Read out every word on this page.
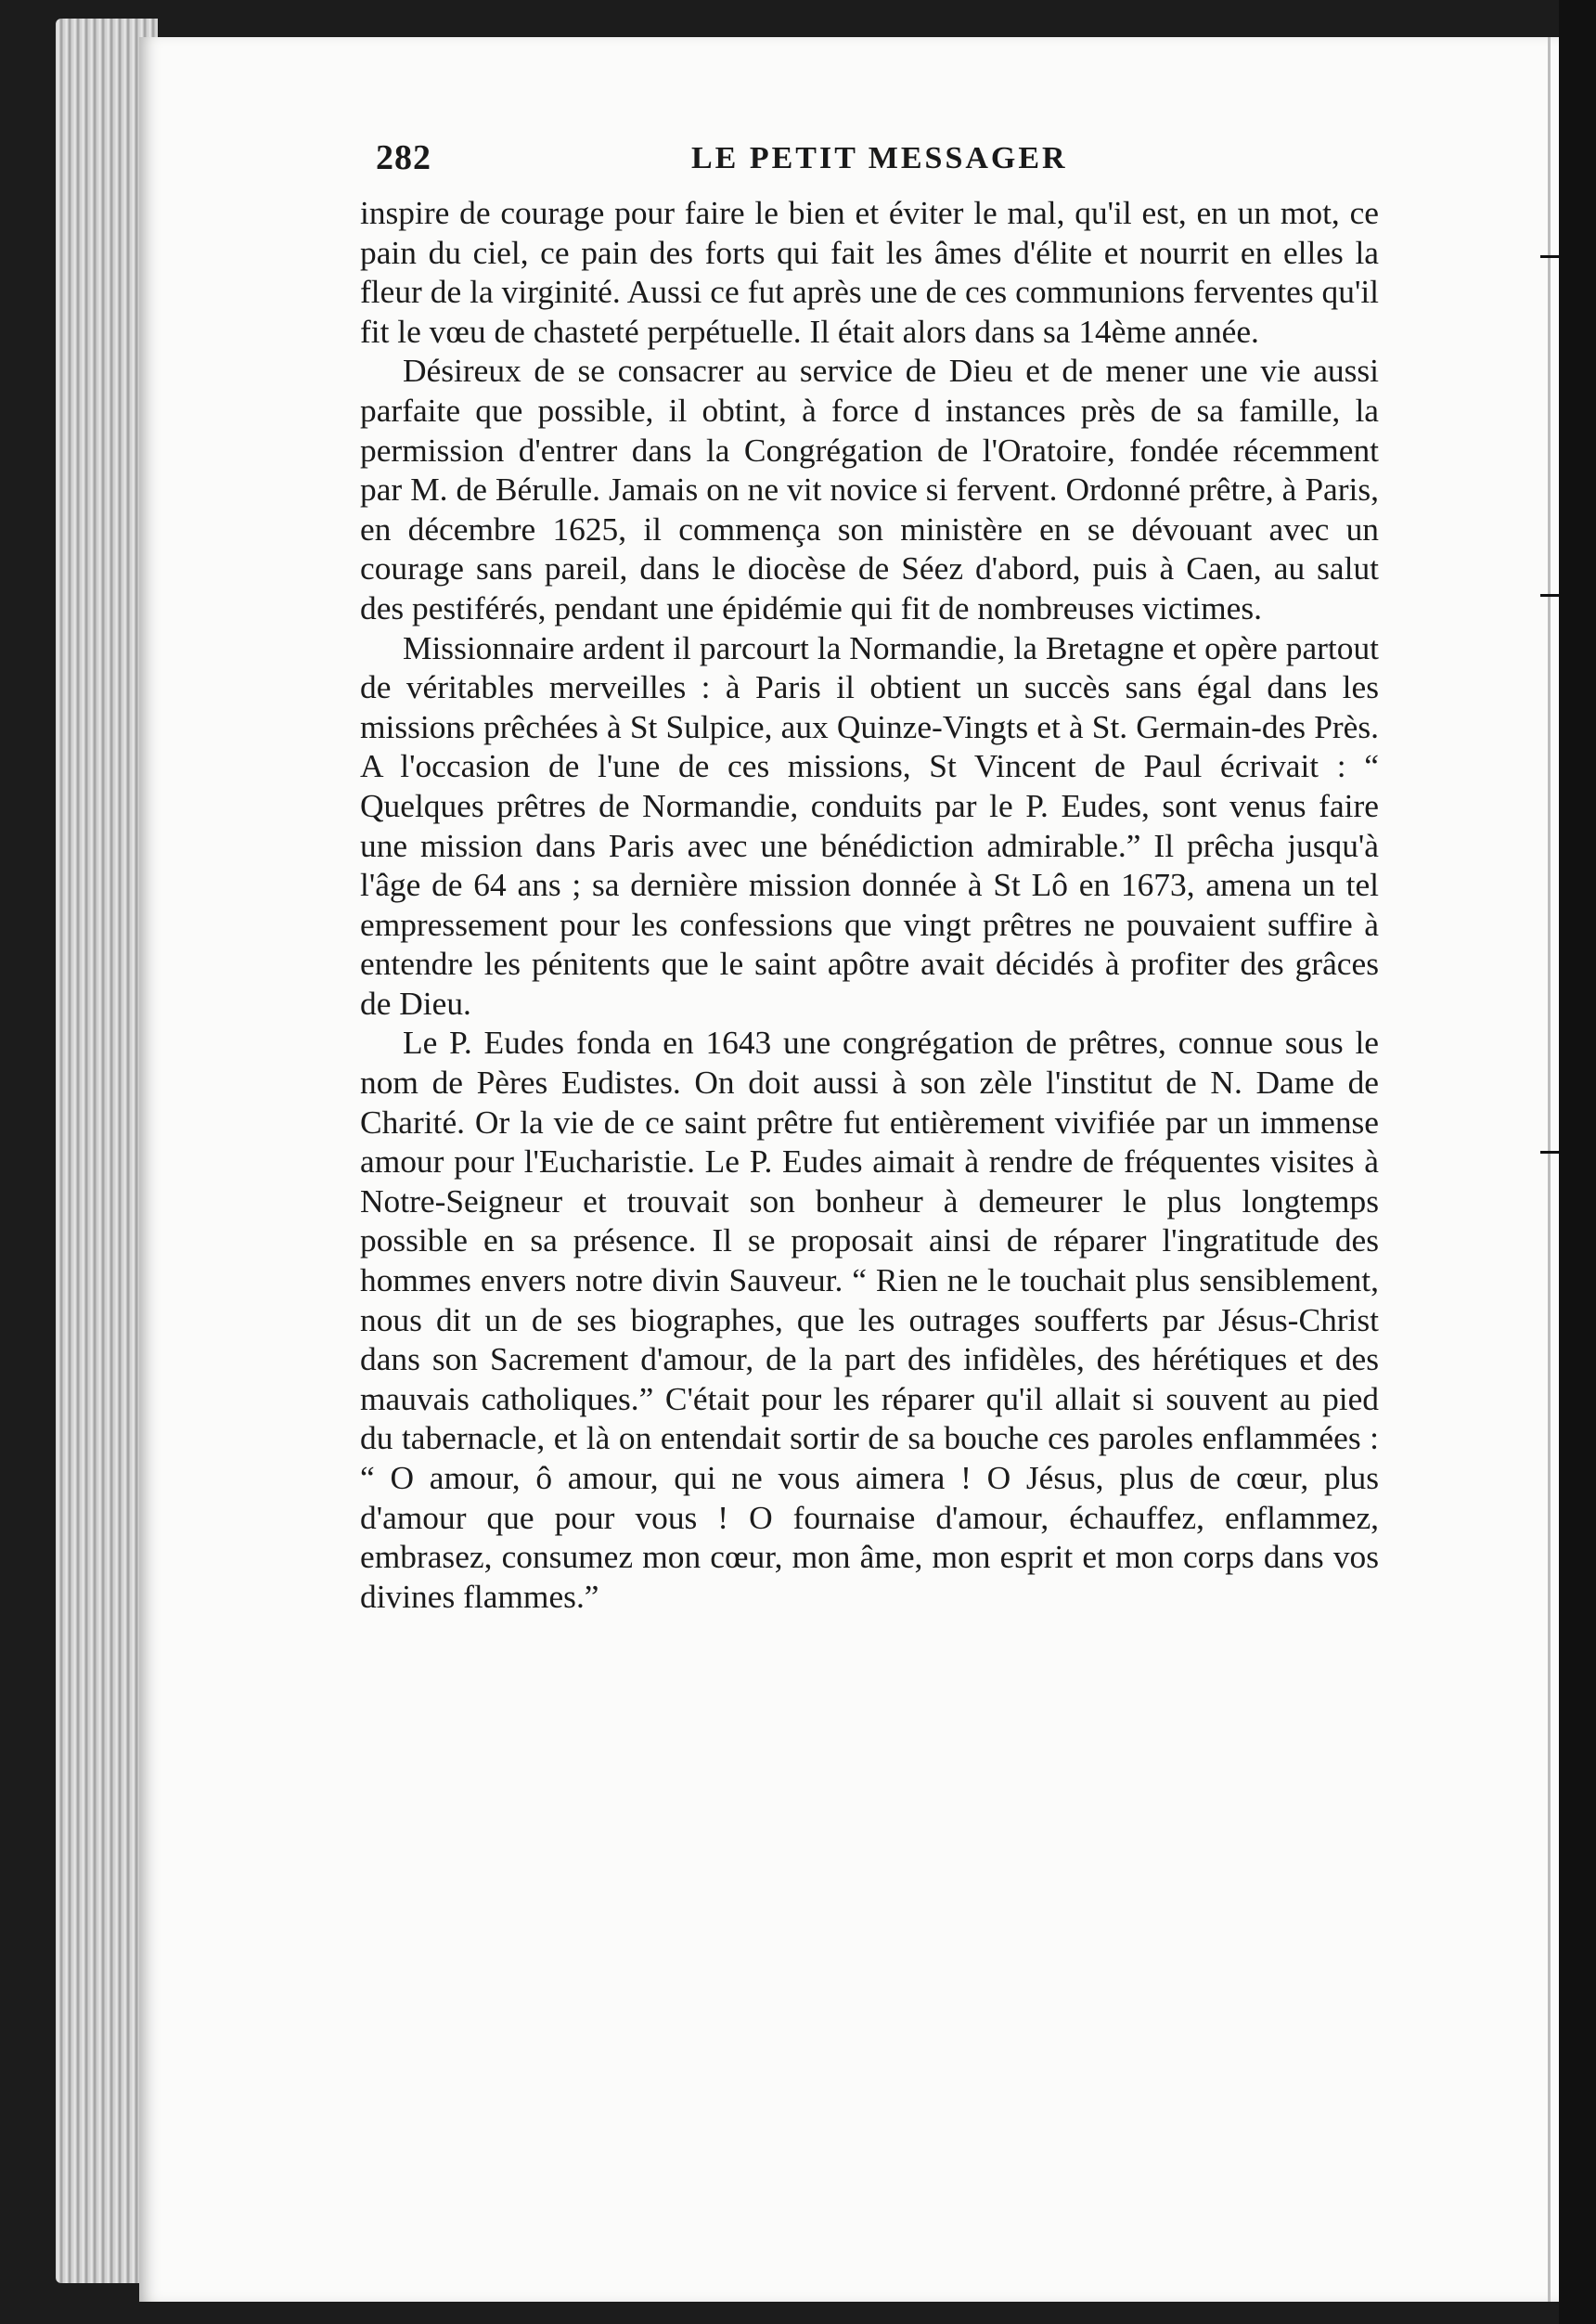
282	LE PETIT MESSAGER

inspire de courage pour faire le bien et éviter le mal, qu'il est, en un mot, ce pain du ciel, ce pain des forts qui fait les âmes d'élite et nourrit en elles la fleur de la virginité. Aussi ce fut après une de ces communions ferventes qu'il fit le vœu de chasteté perpétuelle. Il était alors dans sa 14ème année.

Désireux de se consacrer au service de Dieu et de mener une vie aussi parfaite que possible, il obtint, à force d instances près de sa famille, la permission d'entrer dans la Congrégation de l'Oratoire, fondée récemment par M. de Bérulle. Jamais on ne vit novice si fervent. Ordonné prêtre, à Paris, en décembre 1625, il commença son ministère en se dévouant avec un courage sans pareil, dans le diocèse de Séez d'abord, puis à Caen, au salut des pestiférés, pendant une épidémie qui fit de nombreuses victimes.

Missionnaire ardent il parcourt la Normandie, la Bretagne et opère partout de véritables merveilles : à Paris il obtient un succès sans égal dans les missions prêchées à St Sulpice, aux Quinze-Vingts et à St. Germain-des Près. A l'occasion de l'une de ces missions, St Vincent de Paul écrivait : “ Quelques prêtres de Normandie, conduits par le P. Eudes, sont venus faire une mission dans Paris avec une bénédiction admirable.” Il prêcha jusqu'à l'âge de 64 ans ; sa dernière mission donnée à St Lô en 1673, amena un tel empressement pour les confessions que vingt prêtres ne pouvaient suffire à entendre les pénitents que le saint apôtre avait décidés à profiter des grâces de Dieu.

Le P. Eudes fonda en 1643 une congrégation de prêtres, connue sous le nom de Pères Eudistes. On doit aussi à son zèle l'institut de N. Dame de Charité. Or la vie de ce saint prêtre fut entièrement vivifiée par un immense amour pour l'Eucharistie. Le P. Eudes aimait à rendre de fréquentes visites à Notre-Seigneur et trouvait son bonheur à demeurer le plus longtemps possible en sa présence. Il se proposait ainsi de réparer l'ingratitude des hommes envers notre divin Sauveur. “ Rien ne le touchait plus sensiblement, nous dit un de ses biographes, que les outrages soufferts par Jésus-Christ dans son Sacrement d'amour, de la part des infidèles, des hérétiques et des mauvais catholiques.” C'était pour les réparer qu'il allait si souvent au pied du tabernacle, et là on entendait sortir de sa bouche ces paroles enflammées : “ O amour, ô amour, qui ne vous aimera ! O Jésus, plus de cœur, plus d'amour que pour vous ! O fournaise d'amour, échauffez, enflammez, embrasez, consumez mon cœur, mon âme, mon esprit et mon corps dans vos divines flammes.”
